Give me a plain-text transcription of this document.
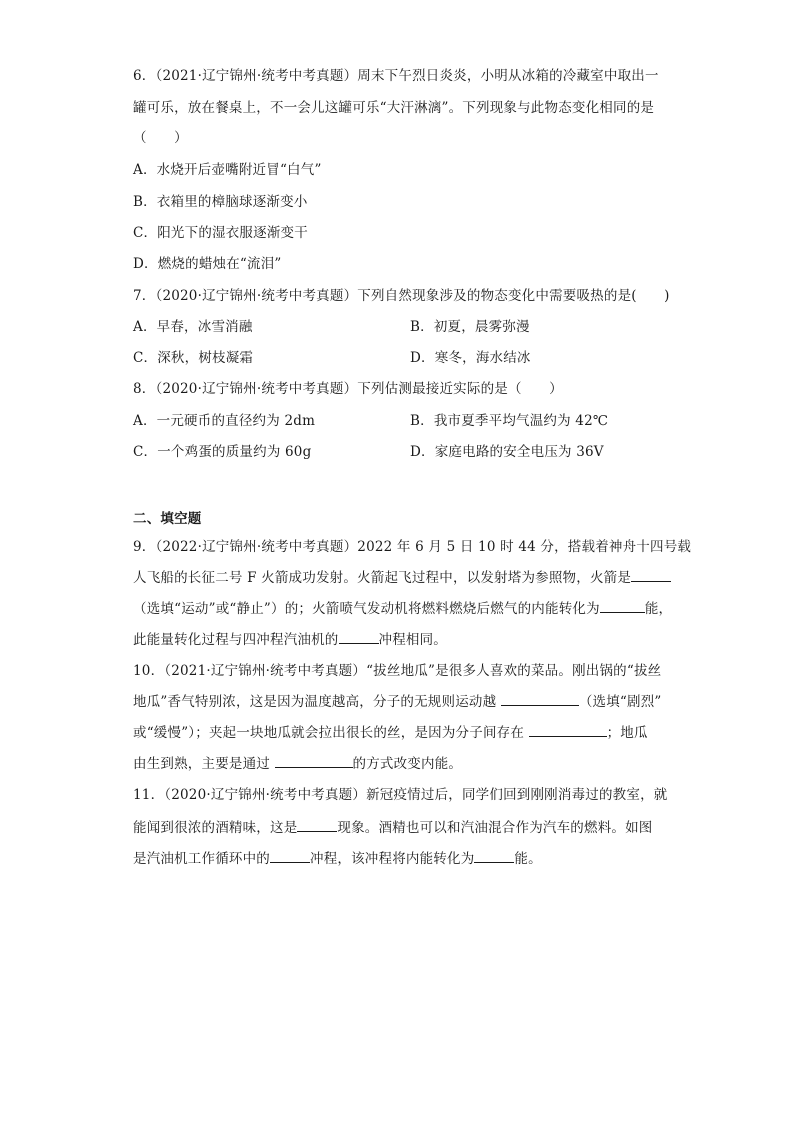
6．（2021·辽宁锦州·统考中考真题）周末下午烈日炎炎，小明从冰箱的冷藏室中取出一
罐可乐，放在餐桌上，不一会儿这罐可乐“大汗淋漓”。下列现象与此物态变化相同的是
（　　）
A．水烧开后壶嘴附近冒“白气”
B．衣箱里的樟脑球逐渐变小
C．阳光下的湿衣服逐渐变干
D．燃烧的蜡烛在“流泪”
7．（2020·辽宁锦州·统考中考真题）下列自然现象涉及的物态变化中需要吸热的是(　　)
A．早春，冰雪消融	B．初夏，晨雾弥漫
C．深秋，树枝凝霜	D．寒冬，海水结冰
8．（2020·辽宁锦州·统考中考真题）下列估测最接近实际的是（　　）
A．一元硬币的直径约为 2dm	B．我市夏季平均气温约为 42℃
C．一个鸡蛋的质量约为 60g	D．家庭电路的安全电压为 36V
二、填空题
9．（2022·辽宁锦州·统考中考真题）2022 年 6 月 5 日 10 时 44 分，搭载着神舟十四号载
人飞船的长征二号 F 火箭成功发射。火箭起飞过程中，以发射塔为参照物，火箭是
（选填“运动”或“静止”）的；火箭喷气发动机将燃料燃烧后燃气的内能转化为	能，
此能量转化过程与四冲程汽油机的	冲程相同。
10．（2021·辽宁锦州·统考中考真题）“拔丝地瓜”是很多人喜欢的菜品。刚出锅的“拔丝
地瓜”香气特别浓，这是因为温度越高，分子的无规则运动越	（选填“剧烈”
或“缓慢”）；夹起一块地瓜就会拉出很长的丝，是因为分子间存在	；地瓜
由生到熟，主要是通过	的方式改变内能。
11．（2020·辽宁锦州·统考中考真题）新冠疫情过后，同学们回到刚刚消毒过的教室，就
能闻到很浓的酒精味，这是	现象。酒精也可以和汽油混合作为汽车的燃料。如图
是汽油机工作循环中的	冲程，该冲程将内能转化为	能。
